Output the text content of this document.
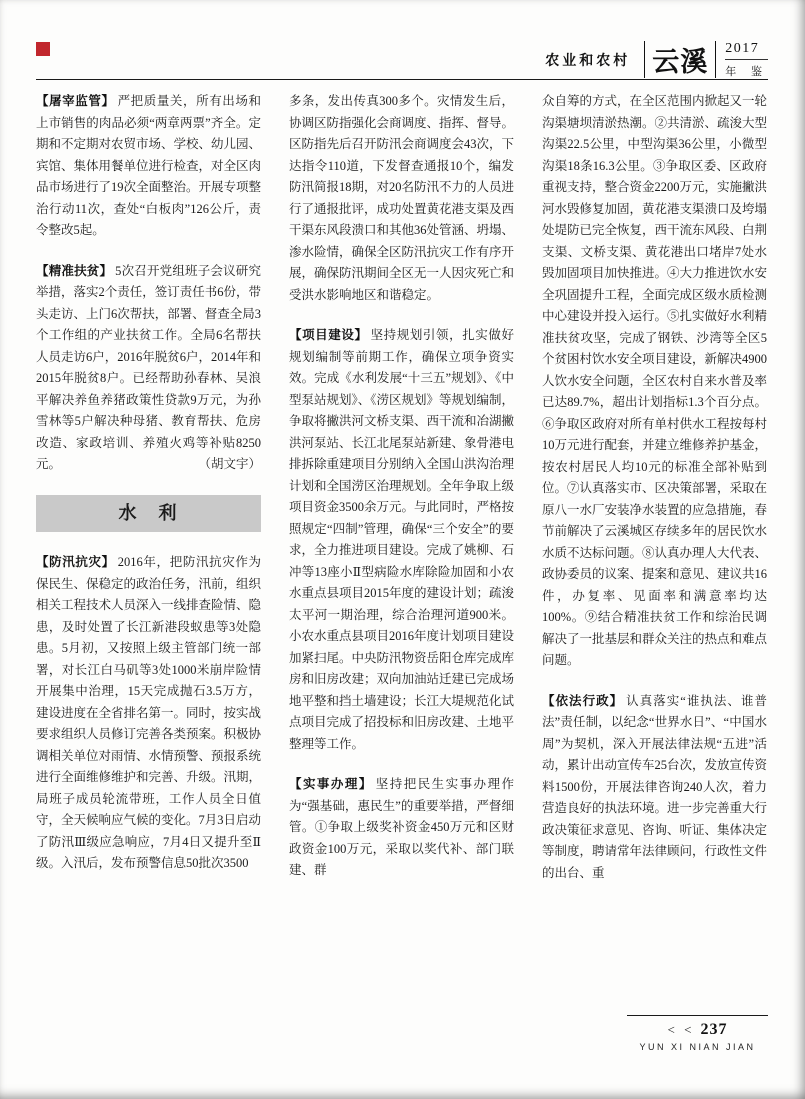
农业和农村 云溪	2017
年 鉴

【屠宰监管】 严把质量关，所有出场和上市销售的肉品必须“两章两票”齐全。定期和不定期对农贸市场、学校、幼儿园、宾馆、集体用餐单位进行检查，对全区肉品市场进行了19次全面整治。开展专项整治行动11次，查处“白板肉”126公斤，责令整改5起。

【精准扶贫】 5次召开党组班子会议研究举措，落实2个责任，签订责任书6份，带头走访、上门6次帮扶，部署、督查全局3个工作组的产业扶贫工作。全局6名帮扶人员走访6户，2016年脱贫6户，2014年和2015年脱贫8户。已经帮助孙春林、吴浪平解决养鱼养猪政策性贷款9万元，为孙雪林等5户解决种母猪、教育帮扶、危房改造、家政培训、养殖火鸡等补贴8250元。	（胡文宇）

水　利

【防汛抗灾】 2016年，把防汛抗灾作为保民生、保稳定的政治任务，汛前，组织相关工程技术人员深入一线排查险情、隐患，及时处置了长江新港段蚁患等3处隐患。5月初，又按照上级主管部门统一部署，对长江白马矶等3处1000米崩岸险情开展集中治理，15天完成抛石3.5万方，建设进度在全省排名第一。同时，按实战要求组织人员修订完善各类预案。积极协调相关单位对雨情、水情预警、预报系统进行全面维修维护和完善、升级。汛期，局班子成员轮流带班，工作人员全日值守，全天候响应气候的变化。7月3日启动了防汛Ⅲ级应急响应，7月4日又提升至Ⅱ级。入汛后，发布预警信息50批次3500

多条，发出传真300多个。灾情发生后，协调区防指强化会商调度、指挥、督导。区防指先后召开防汛会商调度会43次，下达指令110道，下发督查通报10个，编发防汛简报18期，对20名防汛不力的人员进行了通报批评，成功处置黄花港支渠及西干渠东风段溃口和其他36处管涵、坍塌、渗水险情，确保全区防汛抗灾工作有序开展，确保防汛期间全区无一人因灾死亡和受洪水影响地区和谐稳定。

【项目建设】 坚持规划引领，扎实做好规划编制等前期工作，确保立项争资实效。完成《水利发展“十三五”规划》、《中型泵站规划》、《涝区规划》等规划编制，争取将撇洪河文桥支渠、西干流和冶湖撇洪河泵站、长江北尾泵站新建、象骨港电排拆除重建项目分别纳入全国山洪沟治理计划和全国涝区治理规划。全年争取上级项目资金3500余万元。与此同时，严格按照规定“四制”管理，确保“三个安全”的要求，全力推进项目建设。完成了姚柳、石冲等13座小Ⅱ型病险水库除险加固和小农水重点县项目2015年度的建设计划；疏浚太平河一期治理，综合治理河道900米。小农水重点县项目2016年度计划项目建设加紧扫尾。中央防汛物资岳阳仓库完成库房和旧房改建；双向加油站迁建已完成场地平整和挡土墙建设；长江大堤规范化试点项目完成了招投标和旧房改建、土地平整理等工作。

【实事办理】 坚持把民生实事办理作为“强基础，惠民生”的重要举措，严督细管。①争取上级奖补资金450万元和区财政资金100万元，采取以奖代补、部门联建、群

众自筹的方式，在全区范围内掀起又一轮沟渠塘坝清淤热潮。②共清淤、疏浚大型沟渠22.5公里，中型沟渠36公里，小微型沟渠18条16.3公里。③争取区委、区政府重视支持，整合资金2200万元，实施撇洪河水毁修复加固，黄花港支渠溃口及垮塌处堤防已完全恢复，西干流东风段、白荆支渠、文桥支渠、黄花港出口堵岸7处水毁加固项目加快推进。④大力推进饮水安全巩固提升工程，全面完成区级水质检测中心建设并投入运行。⑤扎实做好水利精准扶贫攻坚，完成了钢铁、沙湾等全区5个贫困村饮水安全项目建设，新解决4900人饮水安全问题，全区农村自来水普及率已达89.7%，超出计划指标1.3个百分点。⑥争取区政府对所有单村供水工程按每村10万元进行配套，并建立维修养护基金，按农村居民人均10元的标准全部补贴到位。⑦认真落实市、区决策部署，采取在原八一水厂安装净水装置的应急措施，春节前解决了云溪城区存续多年的居民饮水水质不达标问题。⑧认真办理人大代表、政协委员的议案、提案和意见、建议共16件，办复率、见面率和满意率均达100%。⑨结合精准扶贫工作和综治民调解决了一批基层和群众关注的热点和难点问题。

【依法行政】 认真落实“谁执法、谁普法”责任制，以纪念“世界水日”、“中国水周”为契机，深入开展法律法规“五进”活动，累计出动宣传车25台次，发放宣传资料1500份，开展法律咨询240人次，着力营造良好的执法环境。进一步完善重大行政决策征求意见、咨询、听证、集体决定等制度，聘请常年法律顾问，行政性文件的出台、重

< < 237
YUN XI NIAN JIAN
